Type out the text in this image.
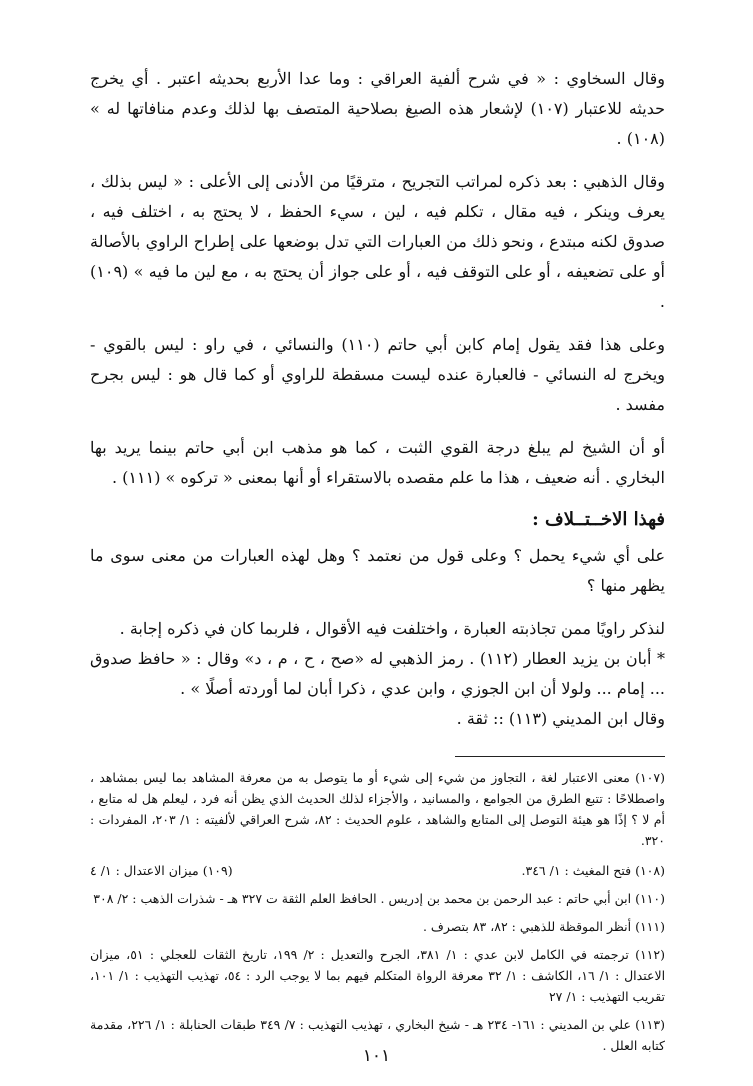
وقال السخاوي : « في شرح ألفية العراقي : وما عدا الأربع بحديثه اعتبر . أي يخرج حديثه للاعتبار (١٠٧) لإشعار هذه الصيغ بصلاحية المتصف بها لذلك وعدم منافاتها له » (١٠٨) .

وقال الذهبي : بعد ذكره لمراتب التجريح ، مترقيًا من الأدنى إلى الأعلى : « ليس بذلك ، يعرف وينكر ، فيه مقال ، تكلم فيه ، لين ، سيء الحفظ ، لا يحتج به ، اختلف فيه ، صدوق لكنه مبتدع ، ونحو ذلك من العبارات التي تدل بوضعها على إطراح الراوي بالأصالة أو على تضعيفه ، أو على التوقف فيه ، أو على جواز أن يحتج به ، مع لين ما فيه » (١٠٩) .

وعلى هذا فقد يقول إمام كابن أبي حاتم (١١٠) والنسائي ، في راو : ليس بالقوي - ويخرج له النسائي - فالعبارة عنده ليست مسقطة للراوي أو كما قال هو : ليس بجرح مفسد .

أو أن الشيخ لم يبلغ درجة القوي الثبت ، كما هو مذهب ابن أبي حاتم بينما يريد بها البخاري . أنه ضعيف ، هذا ما علم مقصده بالاستقراء أو أنها بمعنى « تركوه » (١١١) .

فهذا الاخــتــلاف :

على أي شيء يحمل ؟ وعلى قول من نعتمد ؟ وهل لهذه العبارات من معنى سوى ما يظهر منها ؟

لنذكر راويًا ممن تجاذبته العبارة ، واختلفت فيه الأقوال ، فلربما كان في ذكره إجابة .

* أبان بن يزيد العطار (١١٢) . رمز الذهبي له «صح ، ح ، م ، د» وقال : « حافظ صدوق ... إمام ... ولولا أن ابن الجوزي ، وابن عدي ، ذكرا أبان لما أوردته أصلًا » .

وقال ابن المديني (١١٣) :: ثقة .

(١٠٧) معنى الاعتبار لغة ، التجاوز من شيء إلى شيء أو ما يتوصل به من معرفة المشاهد بما ليس بمشاهد ، واصطلاحًا : تتبع الطرق من الجوامع ، والمسانيد ، والأجزاء لذلك الحديث الذي يظن أنه فرد ، ليعلم هل له متابع ، أم لا ؟ إذًا هو هيئة التوصل إلى المتابع والشاهد ، علوم الحديث : ٨٢، شرح العراقي لألفيته : ١/ ٢٠٣، المفردات : ٣٢٠.

(١٠٨) فتح المغيث : ١/ ٣٤٦.
(١٠٩) ميزان الاعتدال : ١/ ٤

(١١٠) ابن أبي حاتم : عبد الرحمن بن محمد بن إدريس . الحافظ العلم الثقة ت ٣٢٧ هـ - شذرات الذهب : ٢/ ٣٠٨

(١١١) أنظر الموقظة للذهبي : ٨٢، ٨٣ بتصرف .

(١١٢) ترجمته في الكامل لابن عدي : ١/ ٣٨١، الجرح والتعديل : ٢/ ١٩٩، تاريخ الثقات للعجلي : ٥١، ميزان الاعتدال : ١/ ١٦، الكاشف : ١/ ٣٢ معرفة الرواة المتكلم فيهم بما لا يوجب الرد : ٥٤، تهذيب التهذيب : ١/ ١٠١، تقريب التهذيب : ١/ ٢٧

(١١٣) علي بن المديني : ١٦١- ٢٣٤ هـ - شيخ البخاري ، تهذيب التهذيب : ٧/ ٣٤٩ طبقات الحنابلة : ١/ ٢٢٦، مقدمة كتابه العلل .

١٠١
